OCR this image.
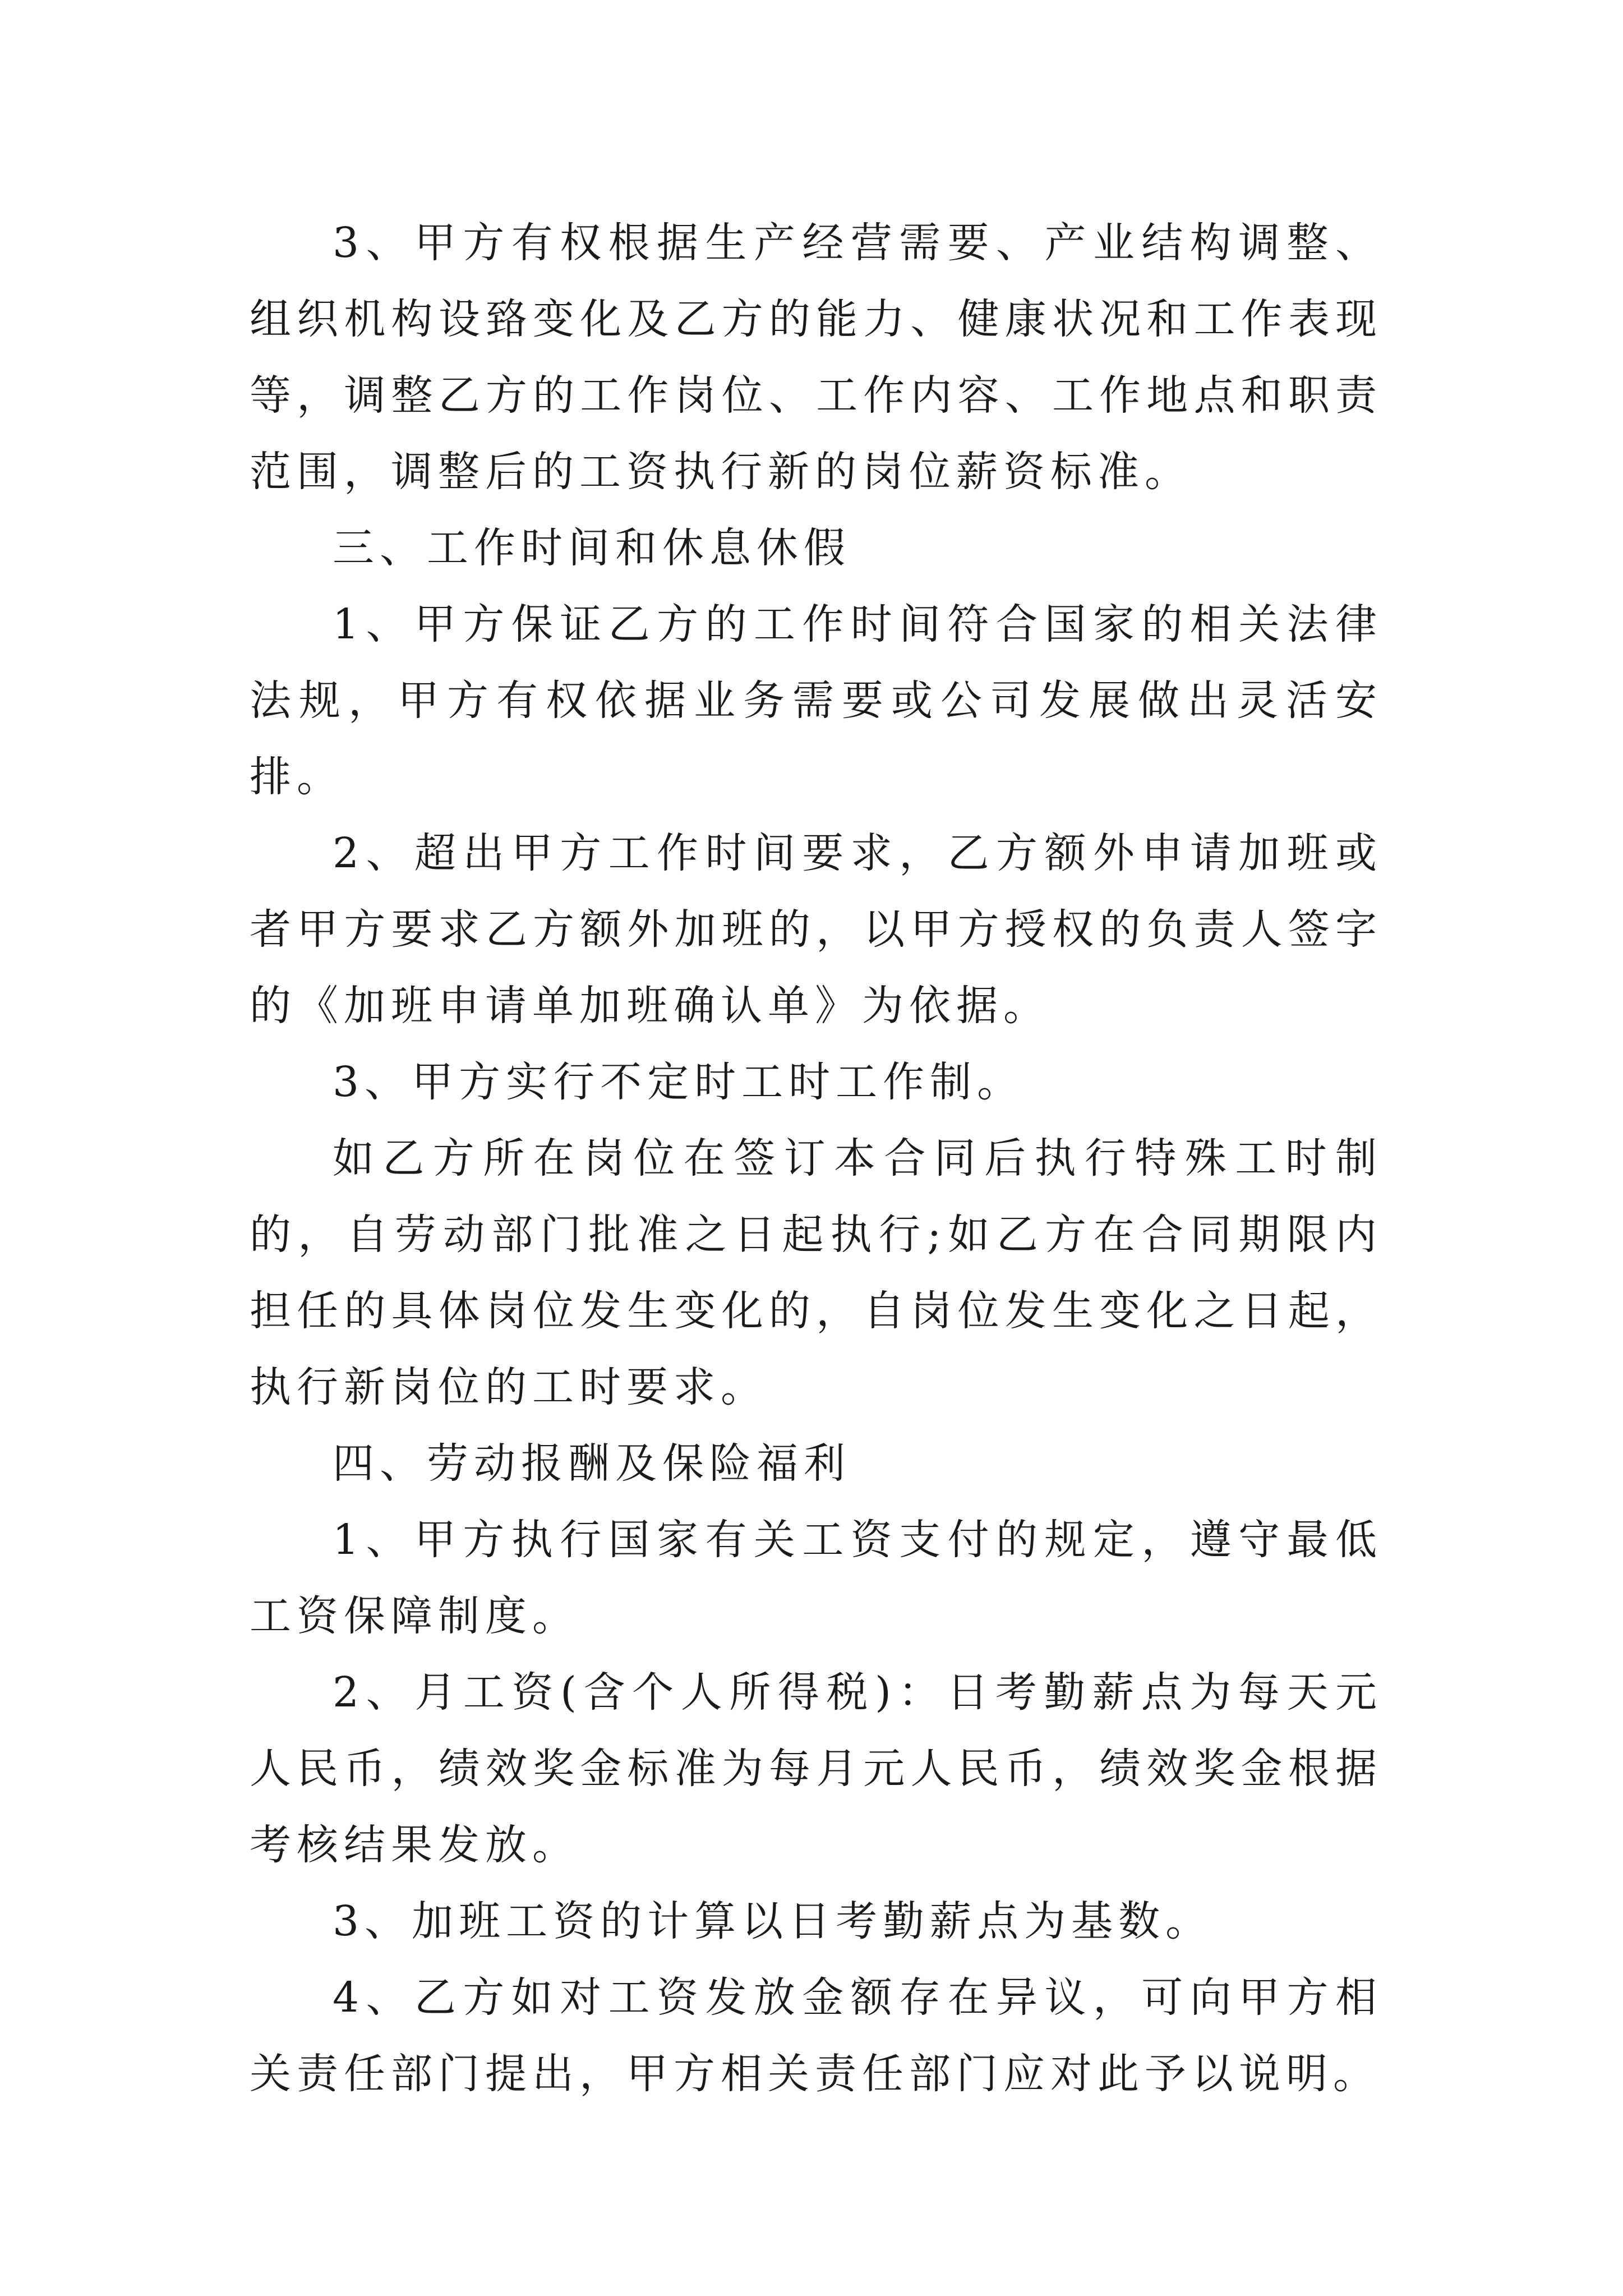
3、甲方有权根据生产经营需要、产业结构调整、组织机构设臵变化及乙方的能力、健康状况和工作表现等，调整乙方的工作岗位、工作内容、工作地点和职责范围，调整后的工资执行新的岗位薪资标准。

三、工作时间和休息休假

1、甲方保证乙方的工作时间符合国家的相关法律法规，甲方有权依据业务需要或公司发展做出灵活安排。

2、超出甲方工作时间要求，乙方额外申请加班或者甲方要求乙方额外加班的，以甲方授权的负责人签字的《加班申请单加班确认单》为依据。

3、甲方实行不定时工时工作制。

如乙方所在岗位在签订本合同后执行特殊工时制的，自劳动部门批准之日起执行;如乙方在合同期限内担任的具体岗位发生变化的，自岗位发生变化之日起，执行新岗位的工时要求。

四、劳动报酬及保险福利

1、甲方执行国家有关工资支付的规定，遵守最低工资保障制度。

2、月工资(含个人所得税)：日考勤薪点为每天元人民币，绩效奖金标准为每月元人民币，绩效奖金根据考核结果发放。

3、加班工资的计算以日考勤薪点为基数。

4、乙方如对工资发放金额存在异议，可向甲方相关责任部门提出，甲方相关责任部门应对此予以说明。
